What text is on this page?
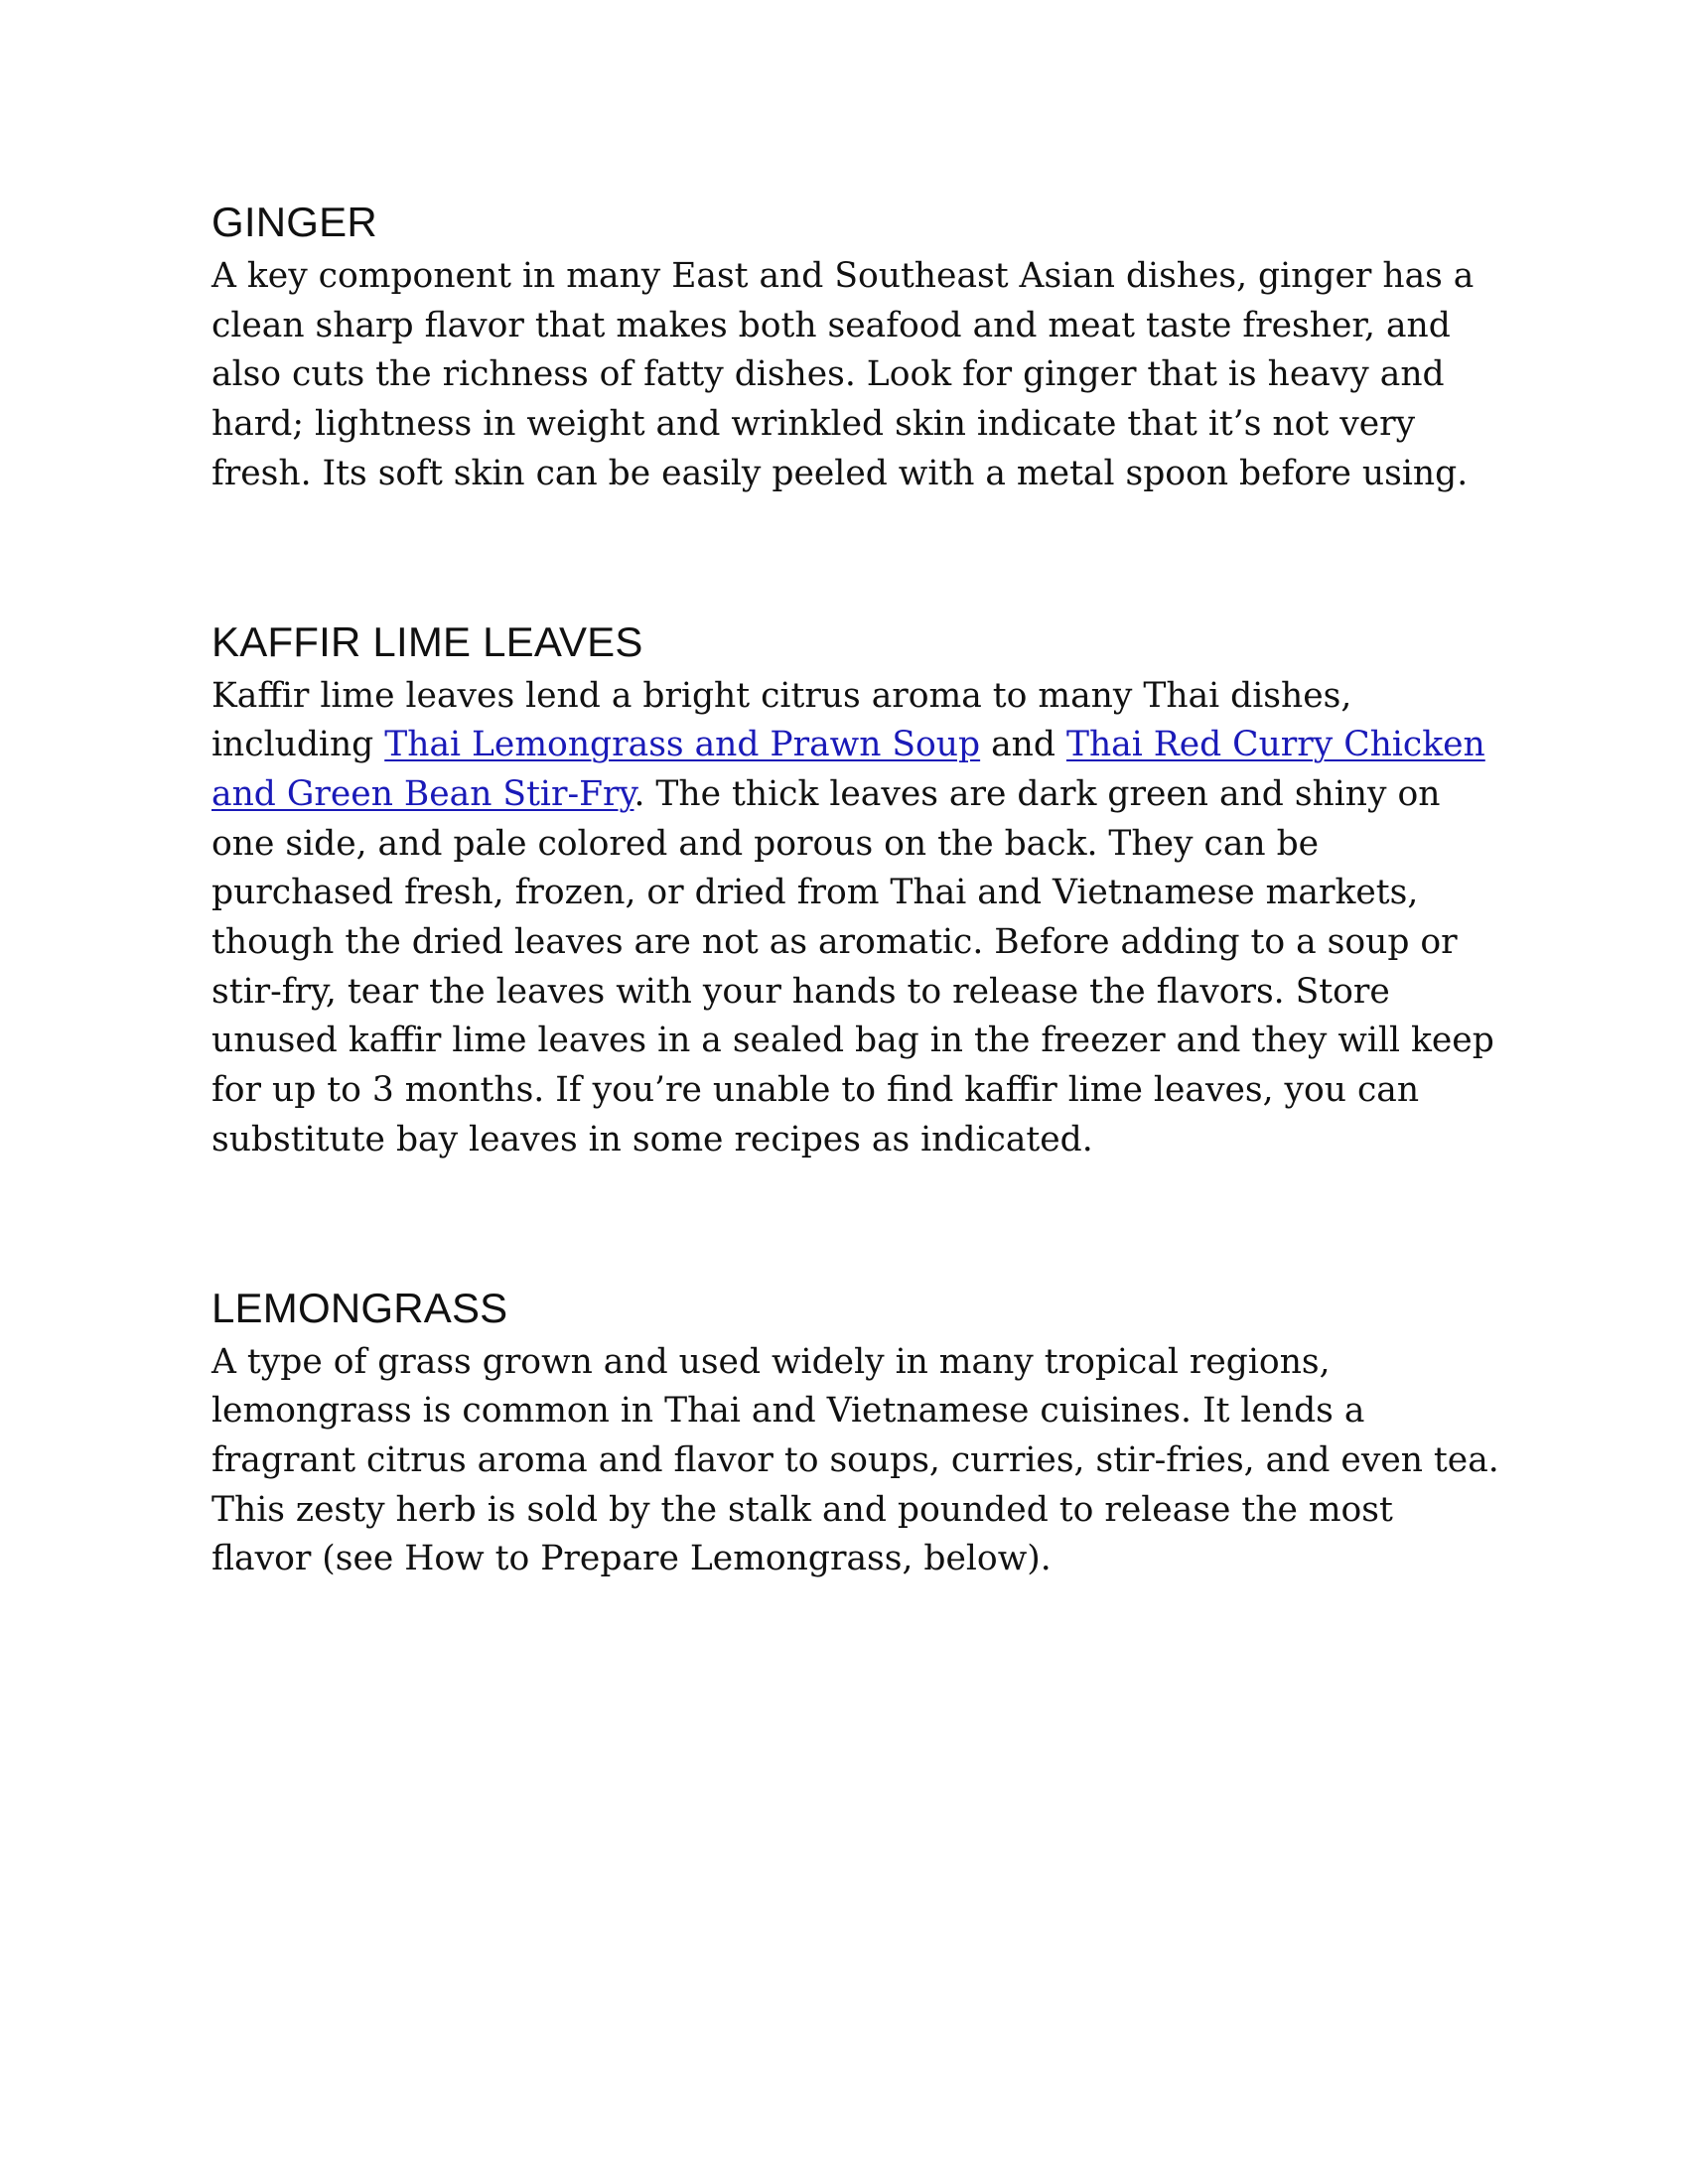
GINGER

A key component in many East and Southeast Asian dishes, ginger has a clean sharp flavor that makes both seafood and meat taste fresher, and also cuts the richness of fatty dishes. Look for ginger that is heavy and hard; lightness in weight and wrinkled skin indicate that it’s not very fresh. Its soft skin can be easily peeled with a metal spoon before using.

KAFFIR LIME LEAVES

Kaffir lime leaves lend a bright citrus aroma to many Thai dishes, including Thai Lemongrass and Prawn Soup and Thai Red Curry Chicken and Green Bean Stir-Fry. The thick leaves are dark green and shiny on one side, and pale colored and porous on the back. They can be purchased fresh, frozen, or dried from Thai and Vietnamese markets, though the dried leaves are not as aromatic. Before adding to a soup or stir-fry, tear the leaves with your hands to release the flavors. Store unused kaffir lime leaves in a sealed bag in the freezer and they will keep for up to 3 months. If you’re unable to find kaffir lime leaves, you can substitute bay leaves in some recipes as indicated.

LEMONGRASS

A type of grass grown and used widely in many tropical regions, lemongrass is common in Thai and Vietnamese cuisines. It lends a fragrant citrus aroma and flavor to soups, curries, stir-fries, and even tea. This zesty herb is sold by the stalk and pounded to release the most flavor (see How to Prepare Lemongrass, below).
